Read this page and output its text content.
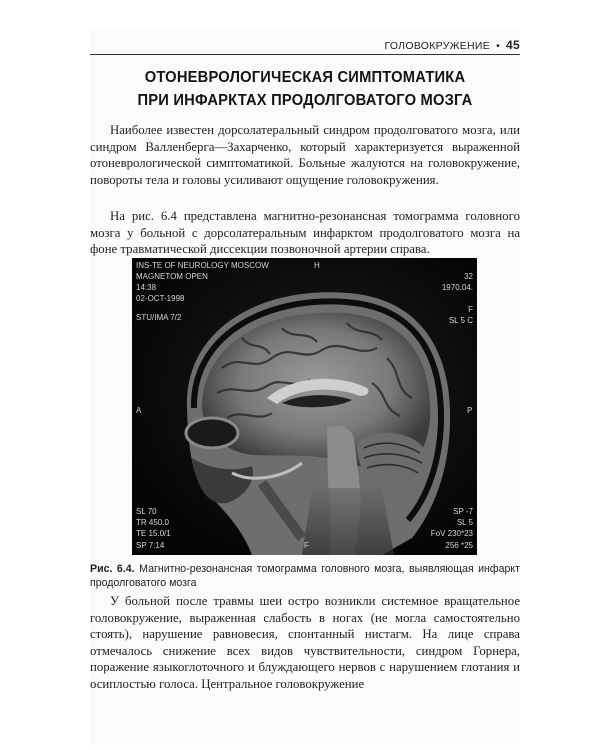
ГОЛОВОКРУЖЕНИЕ • 45
ОТОНЕВРОЛОГИЧЕСКАЯ СИМПТОМАТИКА
ПРИ ИНФАРКТАХ ПРОДОЛГОВАТОГО МОЗГА

Наиболее известен дорсолатеральный синдром продолговатого мозга, или синдром Валленберга—Захарченко, который характеризуется выраженной отоневрологической симптоматикой. Больные жалуются на головокружение, повороты тела и головы усиливают ощущение головокружения.

На рис. 6.4 представлена магнитно-резонансная томограмма головного мозга у больной с дорсолатеральным инфарктом продолговатого мозга на фоне травматической диссекции позвоночной артерии справа.

INS-TE OF NEUROLOGY MOSCOW
MAGNETOM OPEN
14:38
02-OCT-1998
STU/IMA 7/2
H
32
1970.04.
F
SL 5 C
A	P
SL 70
TR 450.0
TE 15.0/1
SP 7:14	F
SP -7
SL 5
FoV 230*23
256 *25

Рис. 6.4. Магнитно-резонансная томограмма головного мозга, выявляющая инфаркт продолговатого мозга

У больной после травмы шеи остро возникли системное вращательное головокружение, выраженная слабость в ногах (не могла самостоятельно стоять), нарушение равновесия, спонтанный нистагм. На лице справа отмечалось снижение всех видов чувствительности, синдром Горнера, поражение языкоглоточного и блуждающего нервов с нарушением глотания и осиплостью голоса. Центральное головокружение
